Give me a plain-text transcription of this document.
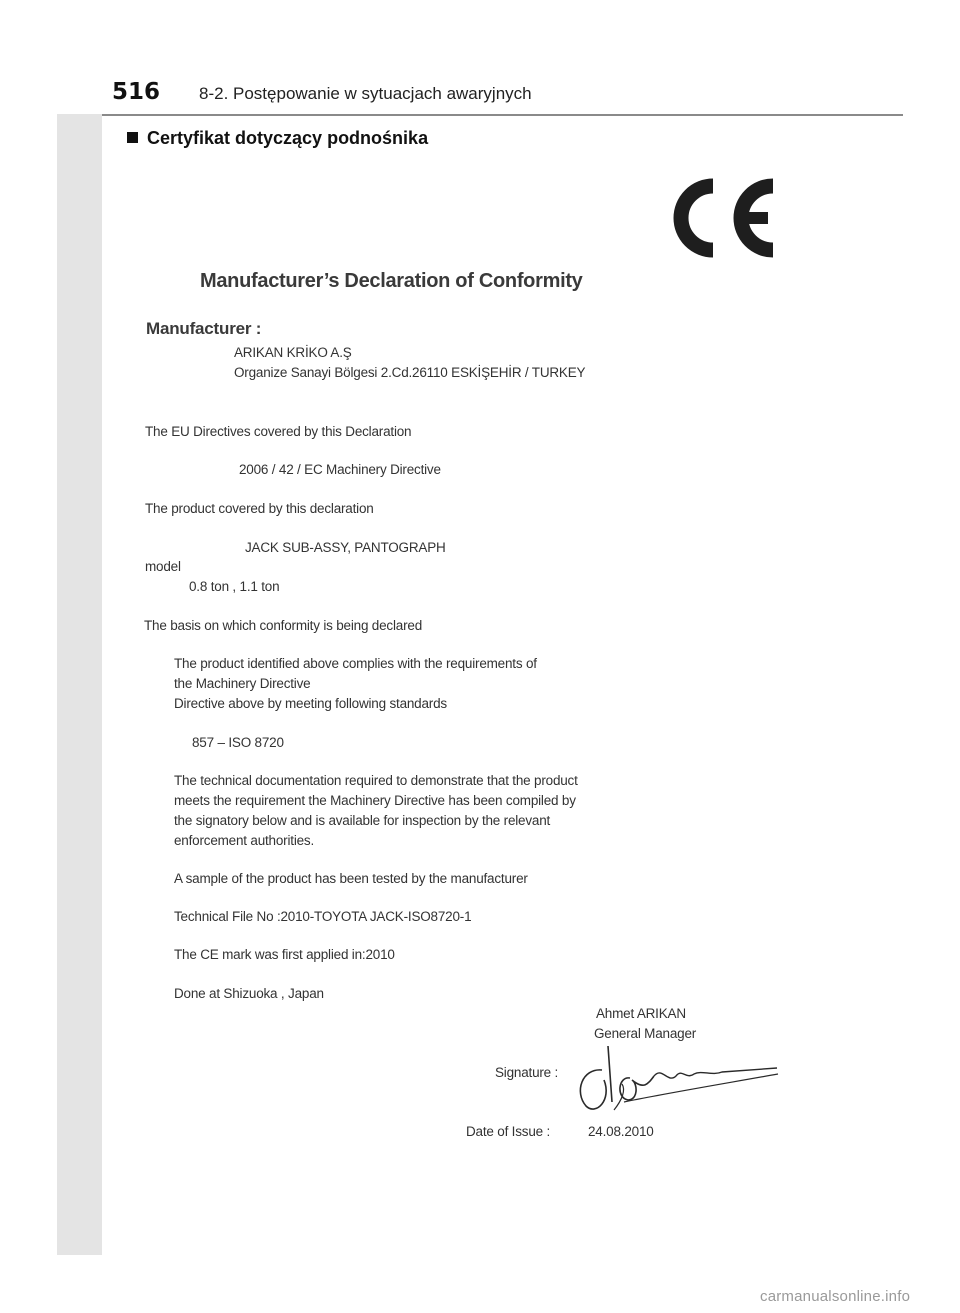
516 8-2. Postępowanie w sytuacjach awaryjnych
Certyfikat dotyczący podnośnika
Manufacturer’s Declaration of Conformity
Manufacturer :
ARIKAN KRİKO A.Ş
Organize Sanayi Bölgesi 2.Cd.26110 ESKİŞEHİR / TURKEY
The EU Directives covered by this Declaration
2006 / 42 / EC Machinery Directive
The product covered by this declaration
JACK SUB-ASSY, PANTOGRAPH
model
0.8 ton , 1.1 ton
The basis on which conformity is being declared
The product identified above complies with the requirements of
the Machinery Directive
Directive above by meeting following standards
857 – ISO 8720
The technical documentation required to demonstrate that the product
meets the requirement the Machinery Directive has been compiled by
the signatory below and is available for inspection by the relevant
enforcement authorities.
A sample of the product has been tested by the manufacturer
Technical File No :2010-TOYOTA JACK-ISO8720-1
The CE mark was first applied in:2010
Done at Shizuoka , Japan
Ahmet ARIKAN
General Manager
Signature :
Date of Issue :	24.08.2010
carmanualsonline.info
